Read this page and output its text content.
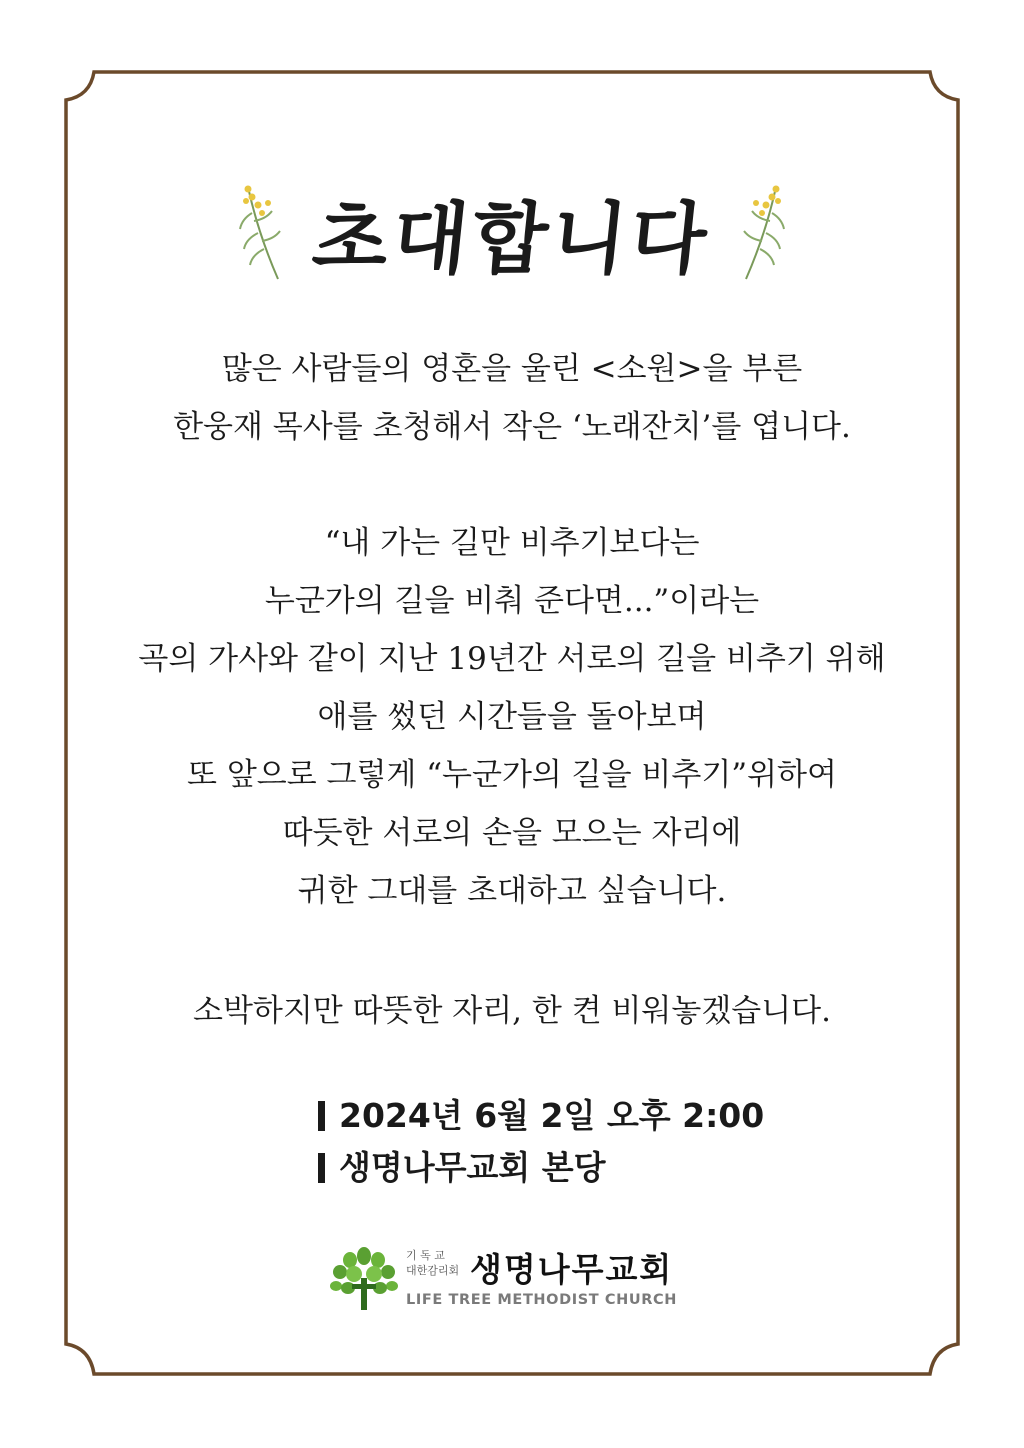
초대합니다
많은 사람들의 영혼을 울린 <소원>을 부른
한웅재 목사를 초청해서 작은 ‘노래잔치’를 엽니다.
“내 가는 길만 비추기보다는
누군가의 길을 비춰 준다면...”이라는
곡의 가사와 같이 지난 19년간 서로의 길을 비추기 위해
애를 썼던 시간들을 돌아보며
또 앞으로 그렇게 “누군가의 길을 비추기”위하여
따듯한 서로의 손을 모으는 자리에
귀한 그대를 초대하고 싶습니다.
소박하지만 따뜻한 자리, 한 켠 비워놓겠습니다.
2024년 6월 2일 오후 2:00
생명나무교회 본당
기 독 교
대한감리회 생명나무교회
LIFE TREE METHODIST CHURCH
